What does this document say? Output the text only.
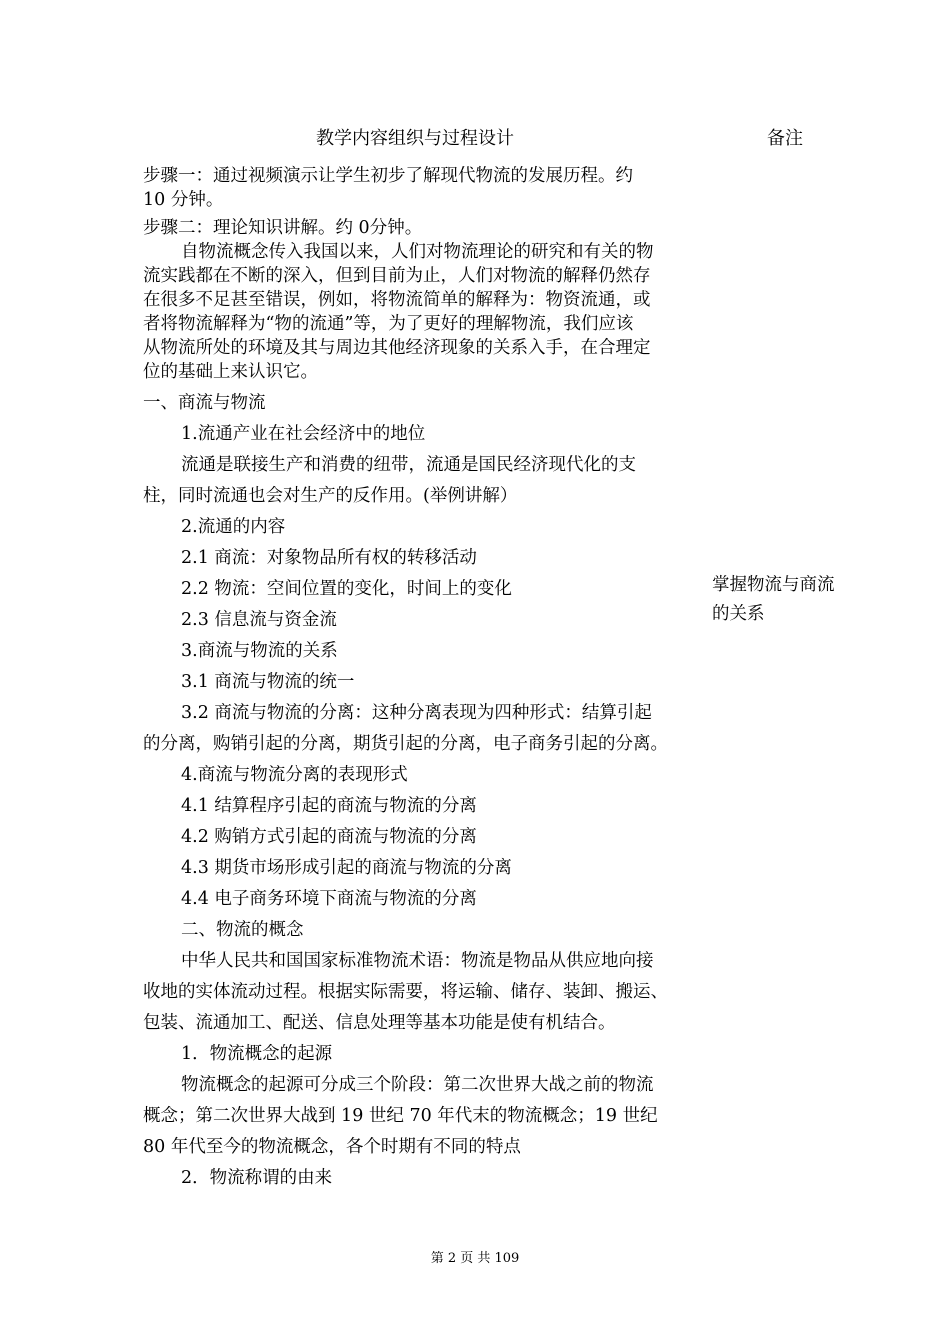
教学内容组织与过程设计	备注
步骤一：通过视频演示让学生初步了解现代物流的发展历程。约
10 分钟。
步骤二：理论知识讲解。约 0分钟。
自物流概念传入我国以来，人们对物流理论的研究和有关的物
流实践都在不断的深入，但到目前为止，人们对物流的解释仍然存
在很多不足甚至错误，例如，将物流简单的解释为：物资流通，或
者将物流解释为“物的流通”等，为了更好的理解物流，我们应该
从物流所处的环境及其与周边其他经济现象的关系入手，在合理定
位的基础上来认识它。
一、商流与物流
1.流通产业在社会经济中的地位
流通是联接生产和消费的纽带，流通是国民经济现代化的支
柱，同时流通也会对生产的反作用。(举例讲解）
2.流通的内容
2.1 商流：对象物品所有权的转移活动
2.2 物流：空间位置的变化，时间上的变化
2.3 信息流与资金流
3.商流与物流的关系
3.1 商流与物流的统一
3.2 商流与物流的分离：这种分离表现为四种形式：结算引起
的分离，购销引起的分离，期货引起的分离，电子商务引起的分离。
4.商流与物流分离的表现形式
4.1 结算程序引起的商流与物流的分离
4.2 购销方式引起的商流与物流的分离
4.3 期货市场形成引起的商流与物流的分离
4.4 电子商务环境下商流与物流的分离
二、物流的概念
中华人民共和国国家标准物流术语：物流是物品从供应地向接
收地的实体流动过程。根据实际需要，将运输、储存、装卸、搬运、
包装、流通加工、配送、信息处理等基本功能是使有机结合。
1．物流概念的起源
物流概念的起源可分成三个阶段：第二次世界大战之前的物流
概念；第二次世界大战到 19 世纪 70 年代末的物流概念；19 世纪
80 年代至今的物流概念，各个时期有不同的特点
2．物流称谓的由来
掌握物流与商流
的关系
第 2 页 共 109
